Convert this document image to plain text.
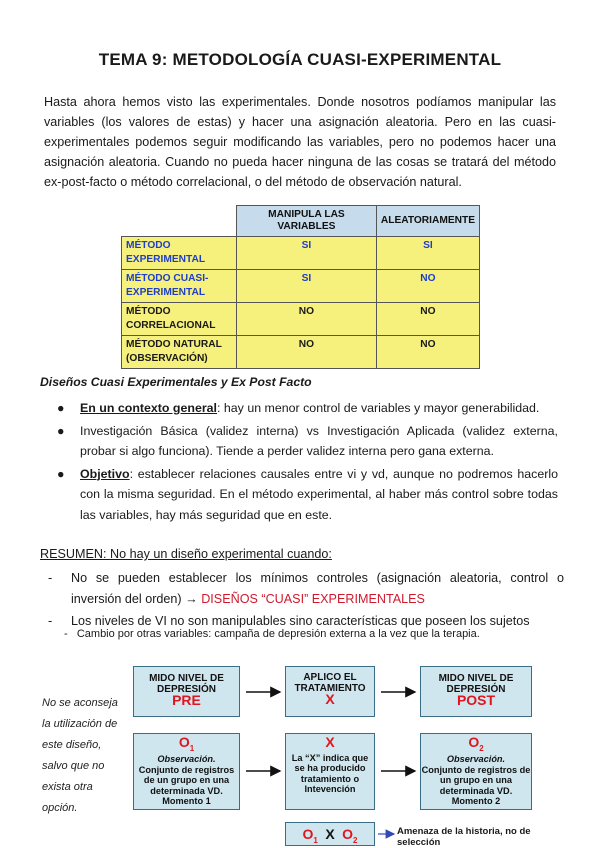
TEMA 9: METODOLOGÍA CUASI-EXPERIMENTAL
Hasta ahora hemos visto las experimentales. Donde nosotros podíamos manipular las variables (los valores de estas) y hacer una asignación aleatoria. Pero en las cuasi-experimentales podemos seguir modificando las variables, pero no podemos hacer una asignación aleatoria. Cuando no pueda hacer ninguna de las cosas se tratará del método ex-post-facto o método correlacional, o del método de observación natural.
	MANIPULA LAS VARIABLES	ALEATORIAMENTE
MÉTODO EXPERIMENTAL	SI	SI
MÉTODO CUASI-EXPERIMENTAL	SI	NO
MÉTODO CORRELACIONAL	NO	NO
MÉTODO NATURAL (OBSERVACIÓN)	NO	NO
Diseños Cuasi Experimentales y Ex Post Facto
● En un contexto general: hay un menor control de variables y mayor generabilidad.
● Investigación Básica (validez interna) vs Investigación Aplicada (validez externa, probar si algo funciona). Tiende a perder validez interna pero gana externa.
● Objetivo: establecer relaciones causales entre vi y vd, aunque no podremos hacerlo con la misma seguridad. En el método experimental, al haber más control sobre todas las variables, hay más seguridad que en este.
RESUMEN: No hay un diseño experimental cuando:
- No se pueden establecer los mínimos controles (asignación aleatoria, control o inversión del orden) → DISEÑOS “CUASI” EXPERIMENTALES
- Los niveles de VI no son manipulables sino características que poseen los sujetos
-   Cambio por otras variables: campaña de depresión externa a la vez que la terapia.
No se aconseja la utilización de este diseño, salvo que no exista otra opción.
MIDO NIVEL DE DEPRESIÓN
PRE
APLICO EL TRATAMIENTO
X
MIDO NIVEL DE DEPRESIÓN
POST
$O_1$
Observación.
Conjunto de registros de un grupo en una determinada VD. Momento 1
X
La “X” indica que se ha producido tratamiento o Intevención
$O_2$
Observación.
Conjunto de registros de un grupo en una determinada VD. Momento 2
$O_1$ X $O_2$
Amenaza de la historia, no de selección
